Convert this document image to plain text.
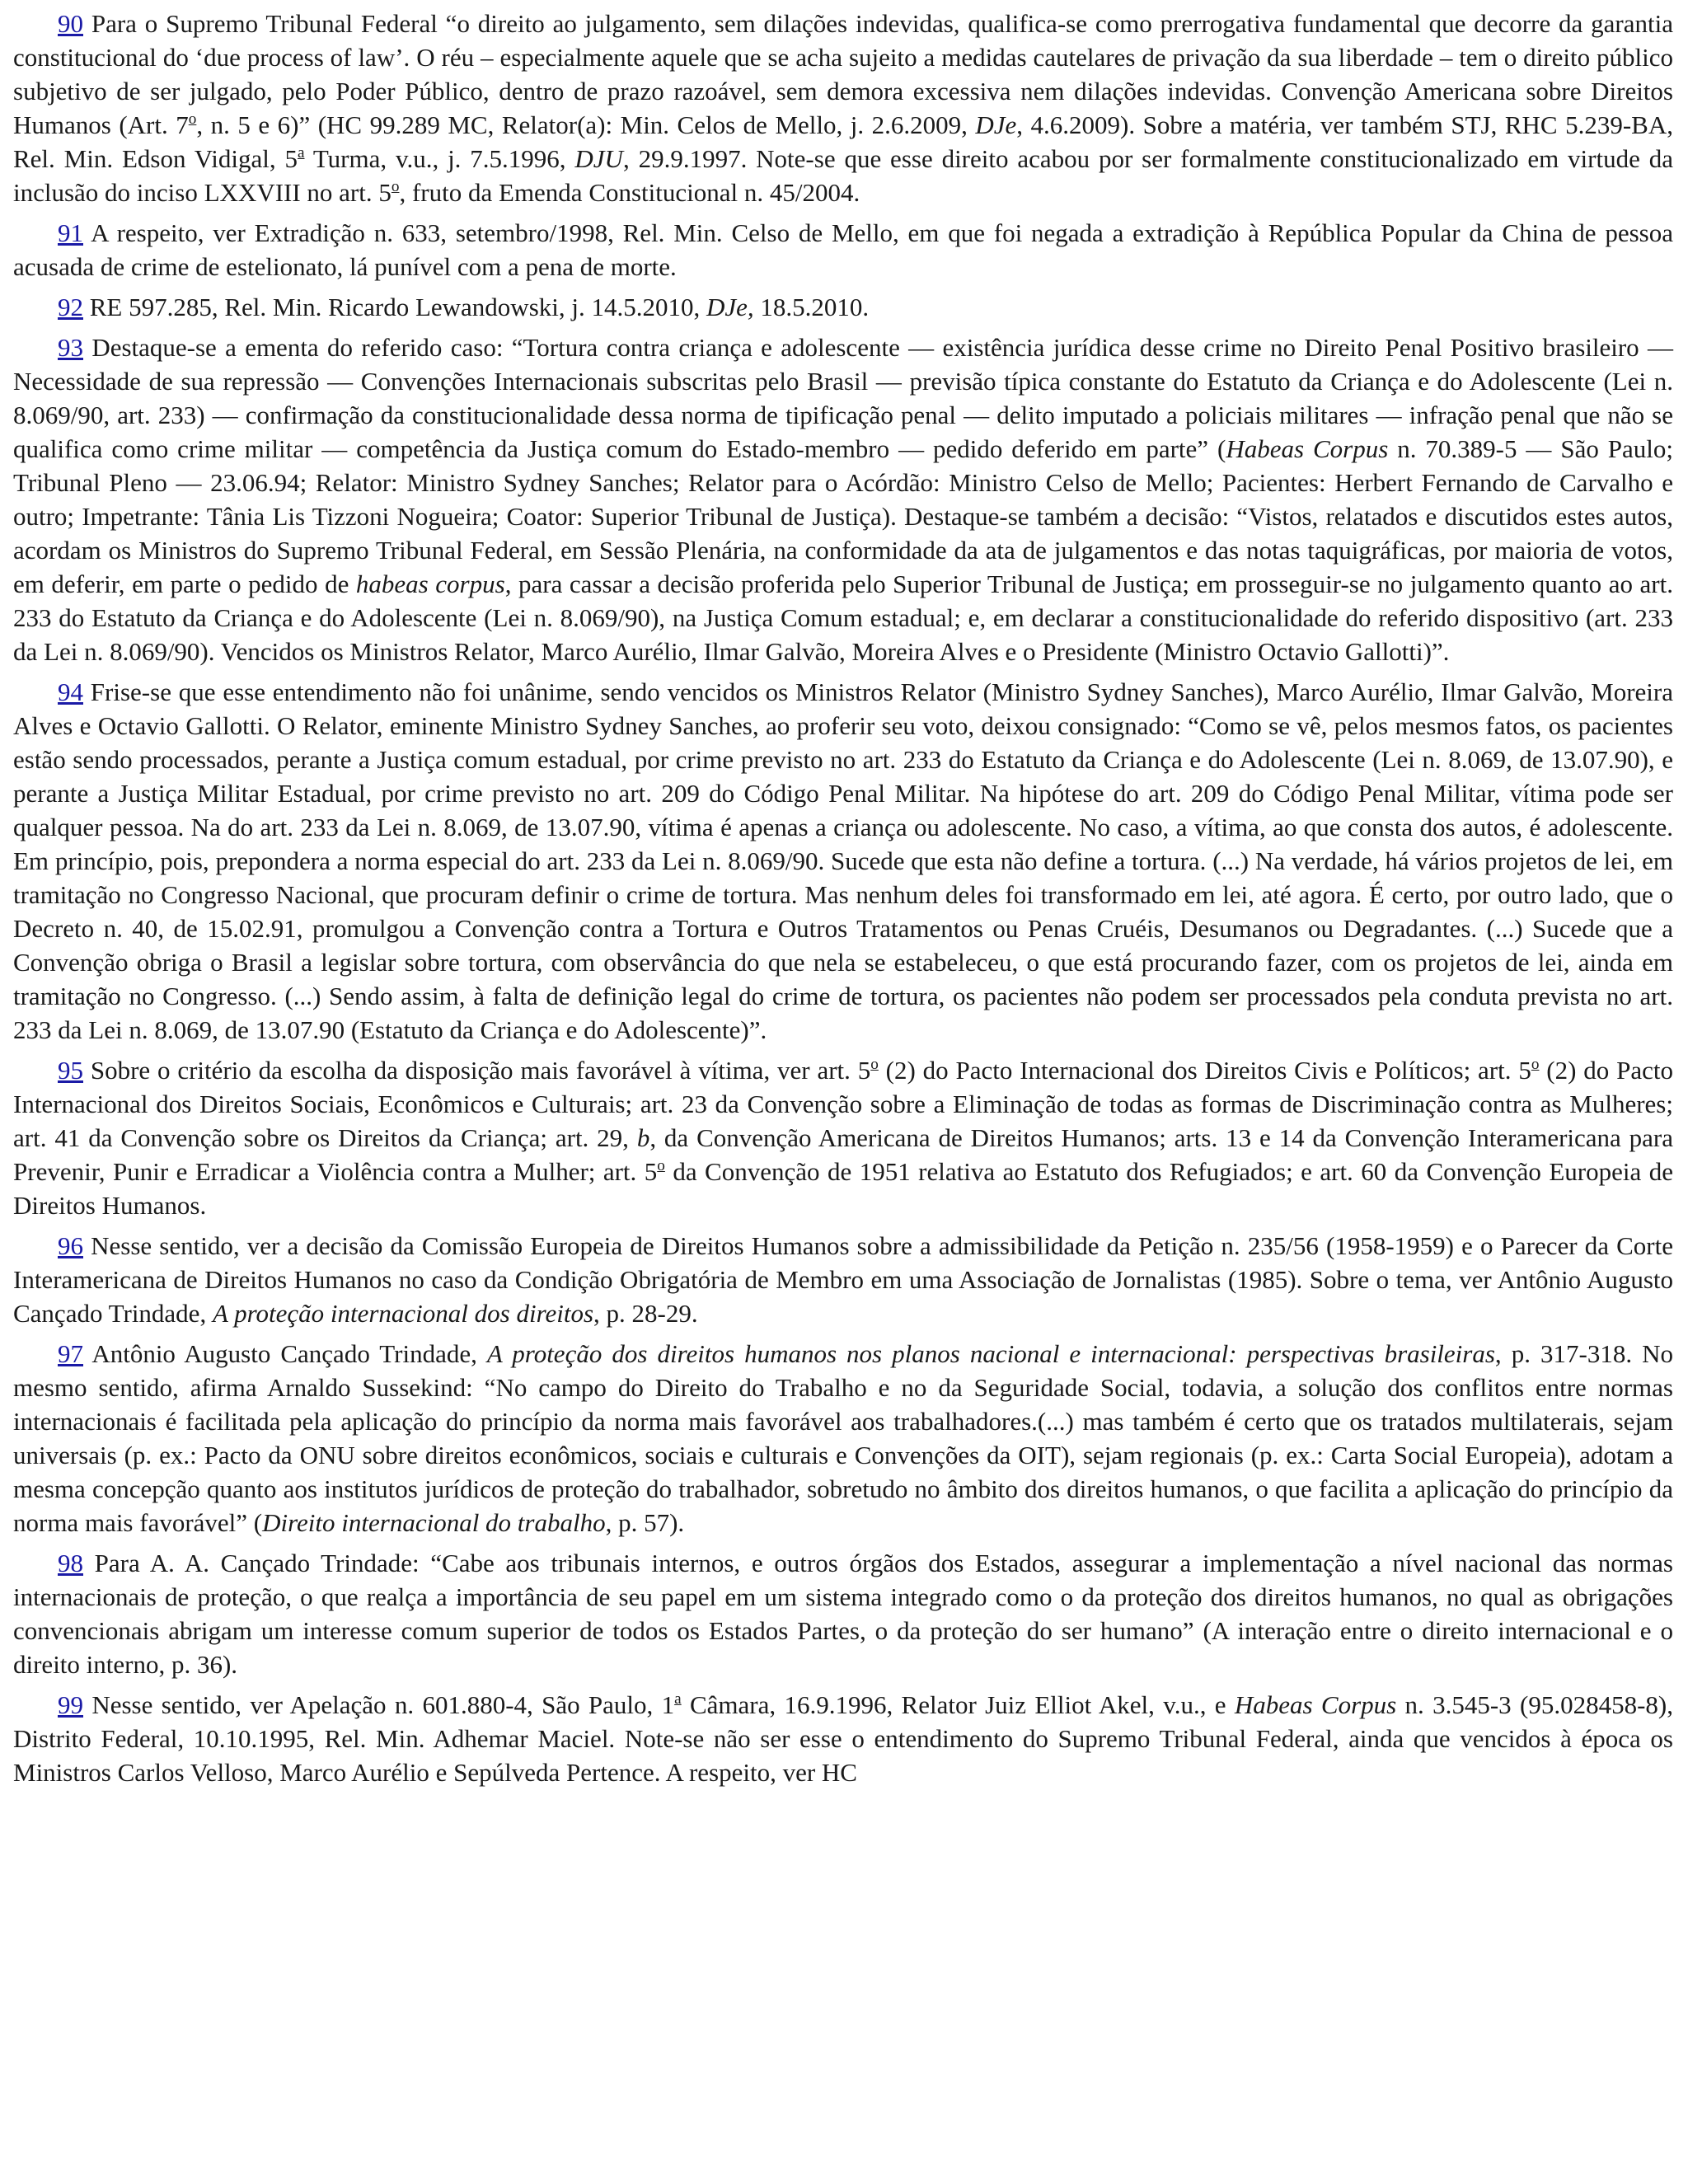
90 Para o Supremo Tribunal Federal “o direito ao julgamento, sem dilações indevidas, qualifica-se como prerrogativa fundamental que decorre da garantia constitucional do ‘due process of law’. O réu – especialmente aquele que se acha sujeito a medidas cautelares de privação da sua liberdade – tem o direito público subjetivo de ser julgado, pelo Poder Público, dentro de prazo razoável, sem demora excessiva nem dilações indevidas. Convenção Americana sobre Direitos Humanos (Art. 7$^o$, n. 5 e 6)” (HC 99.289 MC, Relator(a): Min. Celos de Mello, j. 2.6.2009, DJe, 4.6.2009). Sobre a matéria, ver também STJ, RHC 5.239-BA, Rel. Min. Edson Vidigal, 5$^a$ Turma, v.u., j. 7.5.1996, DJU, 29.9.1997. Note-se que esse direito acabou por ser formalmente constitucionalizado em virtude da inclusão do inciso LXXVIII no art. 5$^o$, fruto da Emenda Constitucional n. 45/2004.

91 A respeito, ver Extradição n. 633, setembro/1998, Rel. Min. Celso de Mello, em que foi negada a extradição à República Popular da China de pessoa acusada de crime de estelionato, lá punível com a pena de morte.

92 RE 597.285, Rel. Min. Ricardo Lewandowski, j. 14.5.2010, DJe, 18.5.2010.

93 Destaque-se a ementa do referido caso: “Tortura contra criança e adolescente — existência jurídica desse crime no Direito Penal Positivo brasileiro — Necessidade de sua repressão — Convenções Internacionais subscritas pelo Brasil — previsão típica constante do Estatuto da Criança e do Adolescente (Lei n. 8.069/90, art. 233) — confirmação da constitucionalidade dessa norma de tipificação penal — delito imputado a policiais militares — infração penal que não se qualifica como crime militar — competência da Justiça comum do Estado-membro — pedido deferido em parte” (Habeas Corpus n. 70.389-5 — São Paulo; Tribunal Pleno — 23.06.94; Relator: Ministro Sydney Sanches; Relator para o Acórdão: Ministro Celso de Mello; Pacientes: Herbert Fernando de Carvalho e outro; Impetrante: Tânia Lis Tizzoni Nogueira; Coator: Superior Tribunal de Justiça). Destaque-se também a decisão: “Vistos, relatados e discutidos estes autos, acordam os Ministros do Supremo Tribunal Federal, em Sessão Plenária, na conformidade da ata de julgamentos e das notas taquigráficas, por maioria de votos, em deferir, em parte o pedido de habeas corpus, para cassar a decisão proferida pelo Superior Tribunal de Justiça; em prosseguir-se no julgamento quanto ao art. 233 do Estatuto da Criança e do Adolescente (Lei n. 8.069/90), na Justiça Comum estadual; e, em declarar a constitucionalidade do referido dispositivo (art. 233 da Lei n. 8.069/90). Vencidos os Ministros Relator, Marco Aurélio, Ilmar Galvão, Moreira Alves e o Presidente (Ministro Octavio Gallotti)”.

94 Frise-se que esse entendimento não foi unânime, sendo vencidos os Ministros Relator (Ministro Sydney Sanches), Marco Aurélio, Ilmar Galvão, Moreira Alves e Octavio Gallotti. O Relator, eminente Ministro Sydney Sanches, ao proferir seu voto, deixou consignado: “Como se vê, pelos mesmos fatos, os pacientes estão sendo processados, perante a Justiça comum estadual, por crime previsto no art. 233 do Estatuto da Criança e do Adolescente (Lei n. 8.069, de 13.07.90), e perante a Justiça Militar Estadual, por crime previsto no art. 209 do Código Penal Militar. Na hipótese do art. 209 do Código Penal Militar, vítima pode ser qualquer pessoa. Na do art. 233 da Lei n. 8.069, de 13.07.90, vítima é apenas a criança ou adolescente. No caso, a vítima, ao que consta dos autos, é adolescente. Em princípio, pois, prepondera a norma especial do art. 233 da Lei n. 8.069/90. Sucede que esta não define a tortura. (...) Na verdade, há vários projetos de lei, em tramitação no Congresso Nacional, que procuram definir o crime de tortura. Mas nenhum deles foi transformado em lei, até agora. É certo, por outro lado, que o Decreto n. 40, de 15.02.91, promulgou a Convenção contra a Tortura e Outros Tratamentos ou Penas Cruéis, Desumanos ou Degradantes. (...) Sucede que a Convenção obriga o Brasil a legislar sobre tortura, com observância do que nela se estabeleceu, o que está procurando fazer, com os projetos de lei, ainda em tramitação no Congresso. (...) Sendo assim, à falta de definição legal do crime de tortura, os pacientes não podem ser processados pela conduta prevista no art. 233 da Lei n. 8.069, de 13.07.90 (Estatuto da Criança e do Adolescente)”.

95 Sobre o critério da escolha da disposição mais favorável à vítima, ver art. 5$^o$ (2) do Pacto Internacional dos Direitos Civis e Políticos; art. 5$^o$ (2) do Pacto Internacional dos Direitos Sociais, Econômicos e Culturais; art. 23 da Convenção sobre a Eliminação de todas as formas de Discriminação contra as Mulheres; art. 41 da Convenção sobre os Direitos da Criança; art. 29, b, da Convenção Americana de Direitos Humanos; arts. 13 e 14 da Convenção Interamericana para Prevenir, Punir e Erradicar a Violência contra a Mulher; art. 5$^o$ da Convenção de 1951 relativa ao Estatuto dos Refugiados; e art. 60 da Convenção Europeia de Direitos Humanos.

96 Nesse sentido, ver a decisão da Comissão Europeia de Direitos Humanos sobre a admissibilidade da Petição n. 235/56 (1958-1959) e o Parecer da Corte Interamericana de Direitos Humanos no caso da Condição Obrigatória de Membro em uma Associação de Jornalistas (1985). Sobre o tema, ver Antônio Augusto Cançado Trindade, A proteção internacional dos direitos, p. 28-29.

97 Antônio Augusto Cançado Trindade, A proteção dos direitos humanos nos planos nacional e internacional: perspectivas brasileiras, p. 317-318. No mesmo sentido, afirma Arnaldo Sussekind: “No campo do Direito do Trabalho e no da Seguridade Social, todavia, a solução dos conflitos entre normas internacionais é facilitada pela aplicação do princípio da norma mais favorável aos trabalhadores.(...) mas também é certo que os tratados multilaterais, sejam universais (p. ex.: Pacto da ONU sobre direitos econômicos, sociais e culturais e Convenções da OIT), sejam regionais (p. ex.: Carta Social Europeia), adotam a mesma concepção quanto aos institutos jurídicos de proteção do trabalhador, sobretudo no âmbito dos direitos humanos, o que facilita a aplicação do princípio da norma mais favorável” (Direito internacional do trabalho, p. 57).

98 Para A. A. Cançado Trindade: “Cabe aos tribunais internos, e outros órgãos dos Estados, assegurar a implementação a nível nacional das normas internacionais de proteção, o que realça a importância de seu papel em um sistema integrado como o da proteção dos direitos humanos, no qual as obrigações convencionais abrigam um interesse comum superior de todos os Estados Partes, o da proteção do ser humano” (A interação entre o direito internacional e o direito interno, p. 36).

99 Nesse sentido, ver Apelação n. 601.880-4, São Paulo, 1$^a$ Câmara, 16.9.1996, Relator Juiz Elliot Akel, v.u., e Habeas Corpus n. 3.545-3 (95.028458-8), Distrito Federal, 10.10.1995, Rel. Min. Adhemar Maciel. Note-se não ser esse o entendimento do Supremo Tribunal Federal, ainda que vencidos à época os Ministros Carlos Velloso, Marco Aurélio e Sepúlveda Pertence. A respeito, ver HC
